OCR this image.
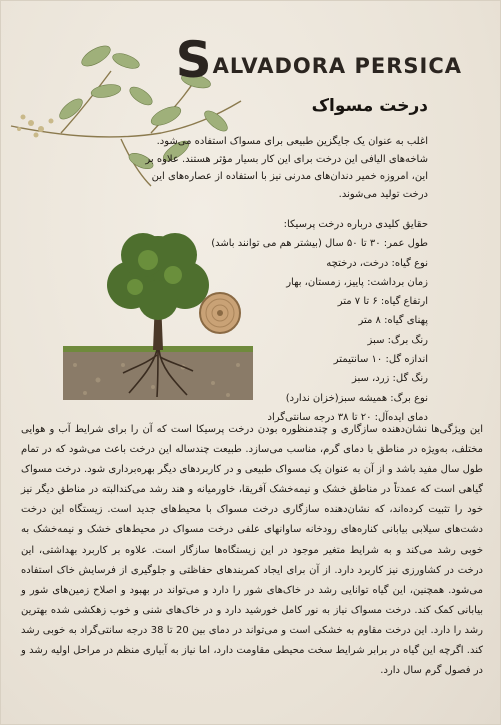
SALVADORA PERSICA
درخت مسواک

اغلب به عنوان یک جایگزین طبیعی برای مسواک استفاده می‌شود. شاخه‌های الیافی این درخت برای این کار بسیار مؤثر هستند. علاوه بر این، امروزه خمیر دندان‌های مدرنی نیز با استفاده از عصاره‌های این درخت تولید می‌شوند.

حقایق کلیدی درباره درخت پرسیکا:
طول عمر: ۳۰ تا ۵۰ سال (بیشتر هم می توانند باشد)
نوع گیاه: درخت، درختچه
زمان برداشت: پاییز، زمستان، بهار
ارتفاع گیاه: ۶ تا ۷ متر
پهنای گیاه: ۸ متر
رنگ برگ: سبز
اندازه گل: ۱۰ سانتیمتر
رنگ گل: زرد، سبز
نوع برگ: همیشه سبز(خزان ندارد)
دمای ایده‌آل: ۲۰ تا ۳۸ درجه سانتی‌گراد

این ویژگی‌ها نشان‌دهنده سازگاری و چندمنظوره بودن درخت پرسیکا است که آن را برای شرایط آب و هوایی مختلف، به‌ویژه در مناطق با دمای گرم، مناسب می‌سازد. طبیعت چندساله این درخت باعث می‌شود که در تمام طول سال مفید باشد و از آن به عنوان یک مسواک طبیعی و در کاربردهای دیگر بهره‌برداری شود. درخت مسواک گیاهی است که عمدتاً در مناطق خشک و نیمه‌خشک آفریقا، خاورمیانه و هند رشد می‌کندالبته در مناطق دیگر نیز خود را تثبیت کرده‌اند، که نشان‌دهنده سازگاری درخت مسواک با محیط‌های جدید است. زیستگاه این درخت دشت‌های سیلابی بیابانی کناره‌های رودخانه ساوانهای علفی درخت مسواک در محیط‌های خشک و نیمه‌خشک به خوبی رشد می‌کند و به شرایط متغیر موجود در این زیستگاه‌ها سازگار است. علاوه بر کاربرد بهداشتی، این درخت در کشاورزی نیز کاربرد دارد. از آن برای ایجاد کمربندهای حفاظتی و جلوگیری از فرسایش خاک استفاده می‌شود. همچنین، این گیاه توانایی رشد در خاک‌های شور را دارد و می‌تواند در بهبود و اصلاح زمین‌های شور و بیابانی کمک کند. درخت مسواک نیاز به نور کامل خورشید دارد و در خاک‌های شنی و خوب زهکشی شده بهترین رشد را دارد. این درخت مقاوم به خشکی است و می‌تواند در دمای بین 20 تا 38 درجه سانتی‌گراد به خوبی رشد کند. اگرچه این گیاه در برابر شرایط سخت محیطی مقاومت دارد، اما نیاز به آبیاری منظم در مراحل اولیه رشد و در فصول گرم سال دارد.
